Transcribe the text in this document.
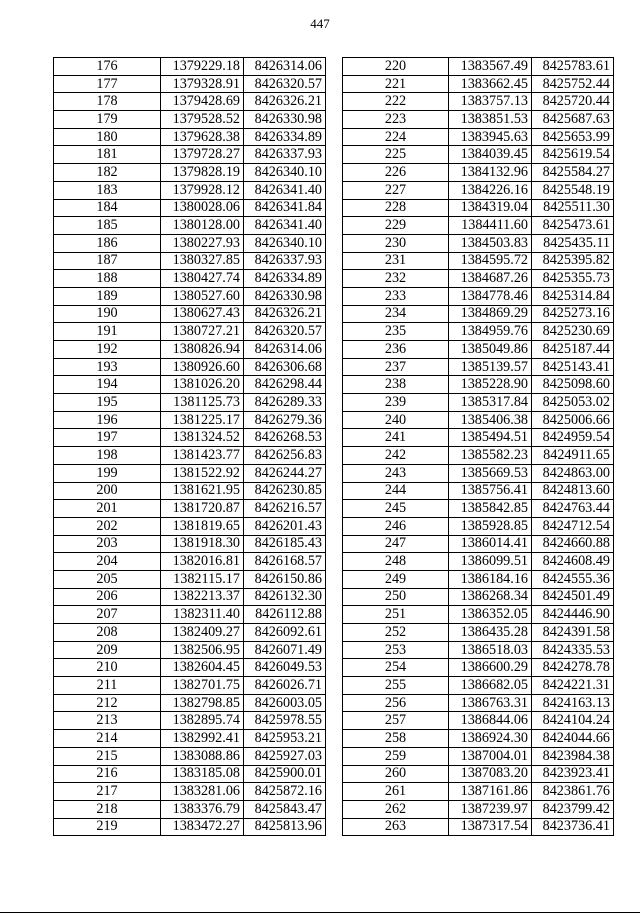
447
176	1379229.18	8426314.06
177	1379328.91	8426320.57
178	1379428.69	8426326.21
179	1379528.52	8426330.98
180	1379628.38	8426334.89
181	1379728.27	8426337.93
182	1379828.19	8426340.10
183	1379928.12	8426341.40
184	1380028.06	8426341.84
185	1380128.00	8426341.40
186	1380227.93	8426340.10
187	1380327.85	8426337.93
188	1380427.74	8426334.89
189	1380527.60	8426330.98
190	1380627.43	8426326.21
191	1380727.21	8426320.57
192	1380826.94	8426314.06
193	1380926.60	8426306.68
194	1381026.20	8426298.44
195	1381125.73	8426289.33
196	1381225.17	8426279.36
197	1381324.52	8426268.53
198	1381423.77	8426256.83
199	1381522.92	8426244.27
200	1381621.95	8426230.85
201	1381720.87	8426216.57
202	1381819.65	8426201.43
203	1381918.30	8426185.43
204	1382016.81	8426168.57
205	1382115.17	8426150.86
206	1382213.37	8426132.30
207	1382311.40	8426112.88
208	1382409.27	8426092.61
209	1382506.95	8426071.49
210	1382604.45	8426049.53
211	1382701.75	8426026.71
212	1382798.85	8426003.05
213	1382895.74	8425978.55
214	1382992.41	8425953.21
215	1383088.86	8425927.03
216	1383185.08	8425900.01
217	1383281.06	8425872.16
218	1383376.79	8425843.47
219	1383472.27	8425813.96
220	1383567.49	8425783.61
221	1383662.45	8425752.44
222	1383757.13	8425720.44
223	1383851.53	8425687.63
224	1383945.63	8425653.99
225	1384039.45	8425619.54
226	1384132.96	8425584.27
227	1384226.16	8425548.19
228	1384319.04	8425511.30
229	1384411.60	8425473.61
230	1384503.83	8425435.11
231	1384595.72	8425395.82
232	1384687.26	8425355.73
233	1384778.46	8425314.84
234	1384869.29	8425273.16
235	1384959.76	8425230.69
236	1385049.86	8425187.44
237	1385139.57	8425143.41
238	1385228.90	8425098.60
239	1385317.84	8425053.02
240	1385406.38	8425006.66
241	1385494.51	8424959.54
242	1385582.23	8424911.65
243	1385669.53	8424863.00
244	1385756.41	8424813.60
245	1385842.85	8424763.44
246	1385928.85	8424712.54
247	1386014.41	8424660.88
248	1386099.51	8424608.49
249	1386184.16	8424555.36
250	1386268.34	8424501.49
251	1386352.05	8424446.90
252	1386435.28	8424391.58
253	1386518.03	8424335.53
254	1386600.29	8424278.78
255	1386682.05	8424221.31
256	1386763.31	8424163.13
257	1386844.06	8424104.24
258	1386924.30	8424044.66
259	1387004.01	8423984.38
260	1387083.20	8423923.41
261	1387161.86	8423861.76
262	1387239.97	8423799.42
263	1387317.54	8423736.41
